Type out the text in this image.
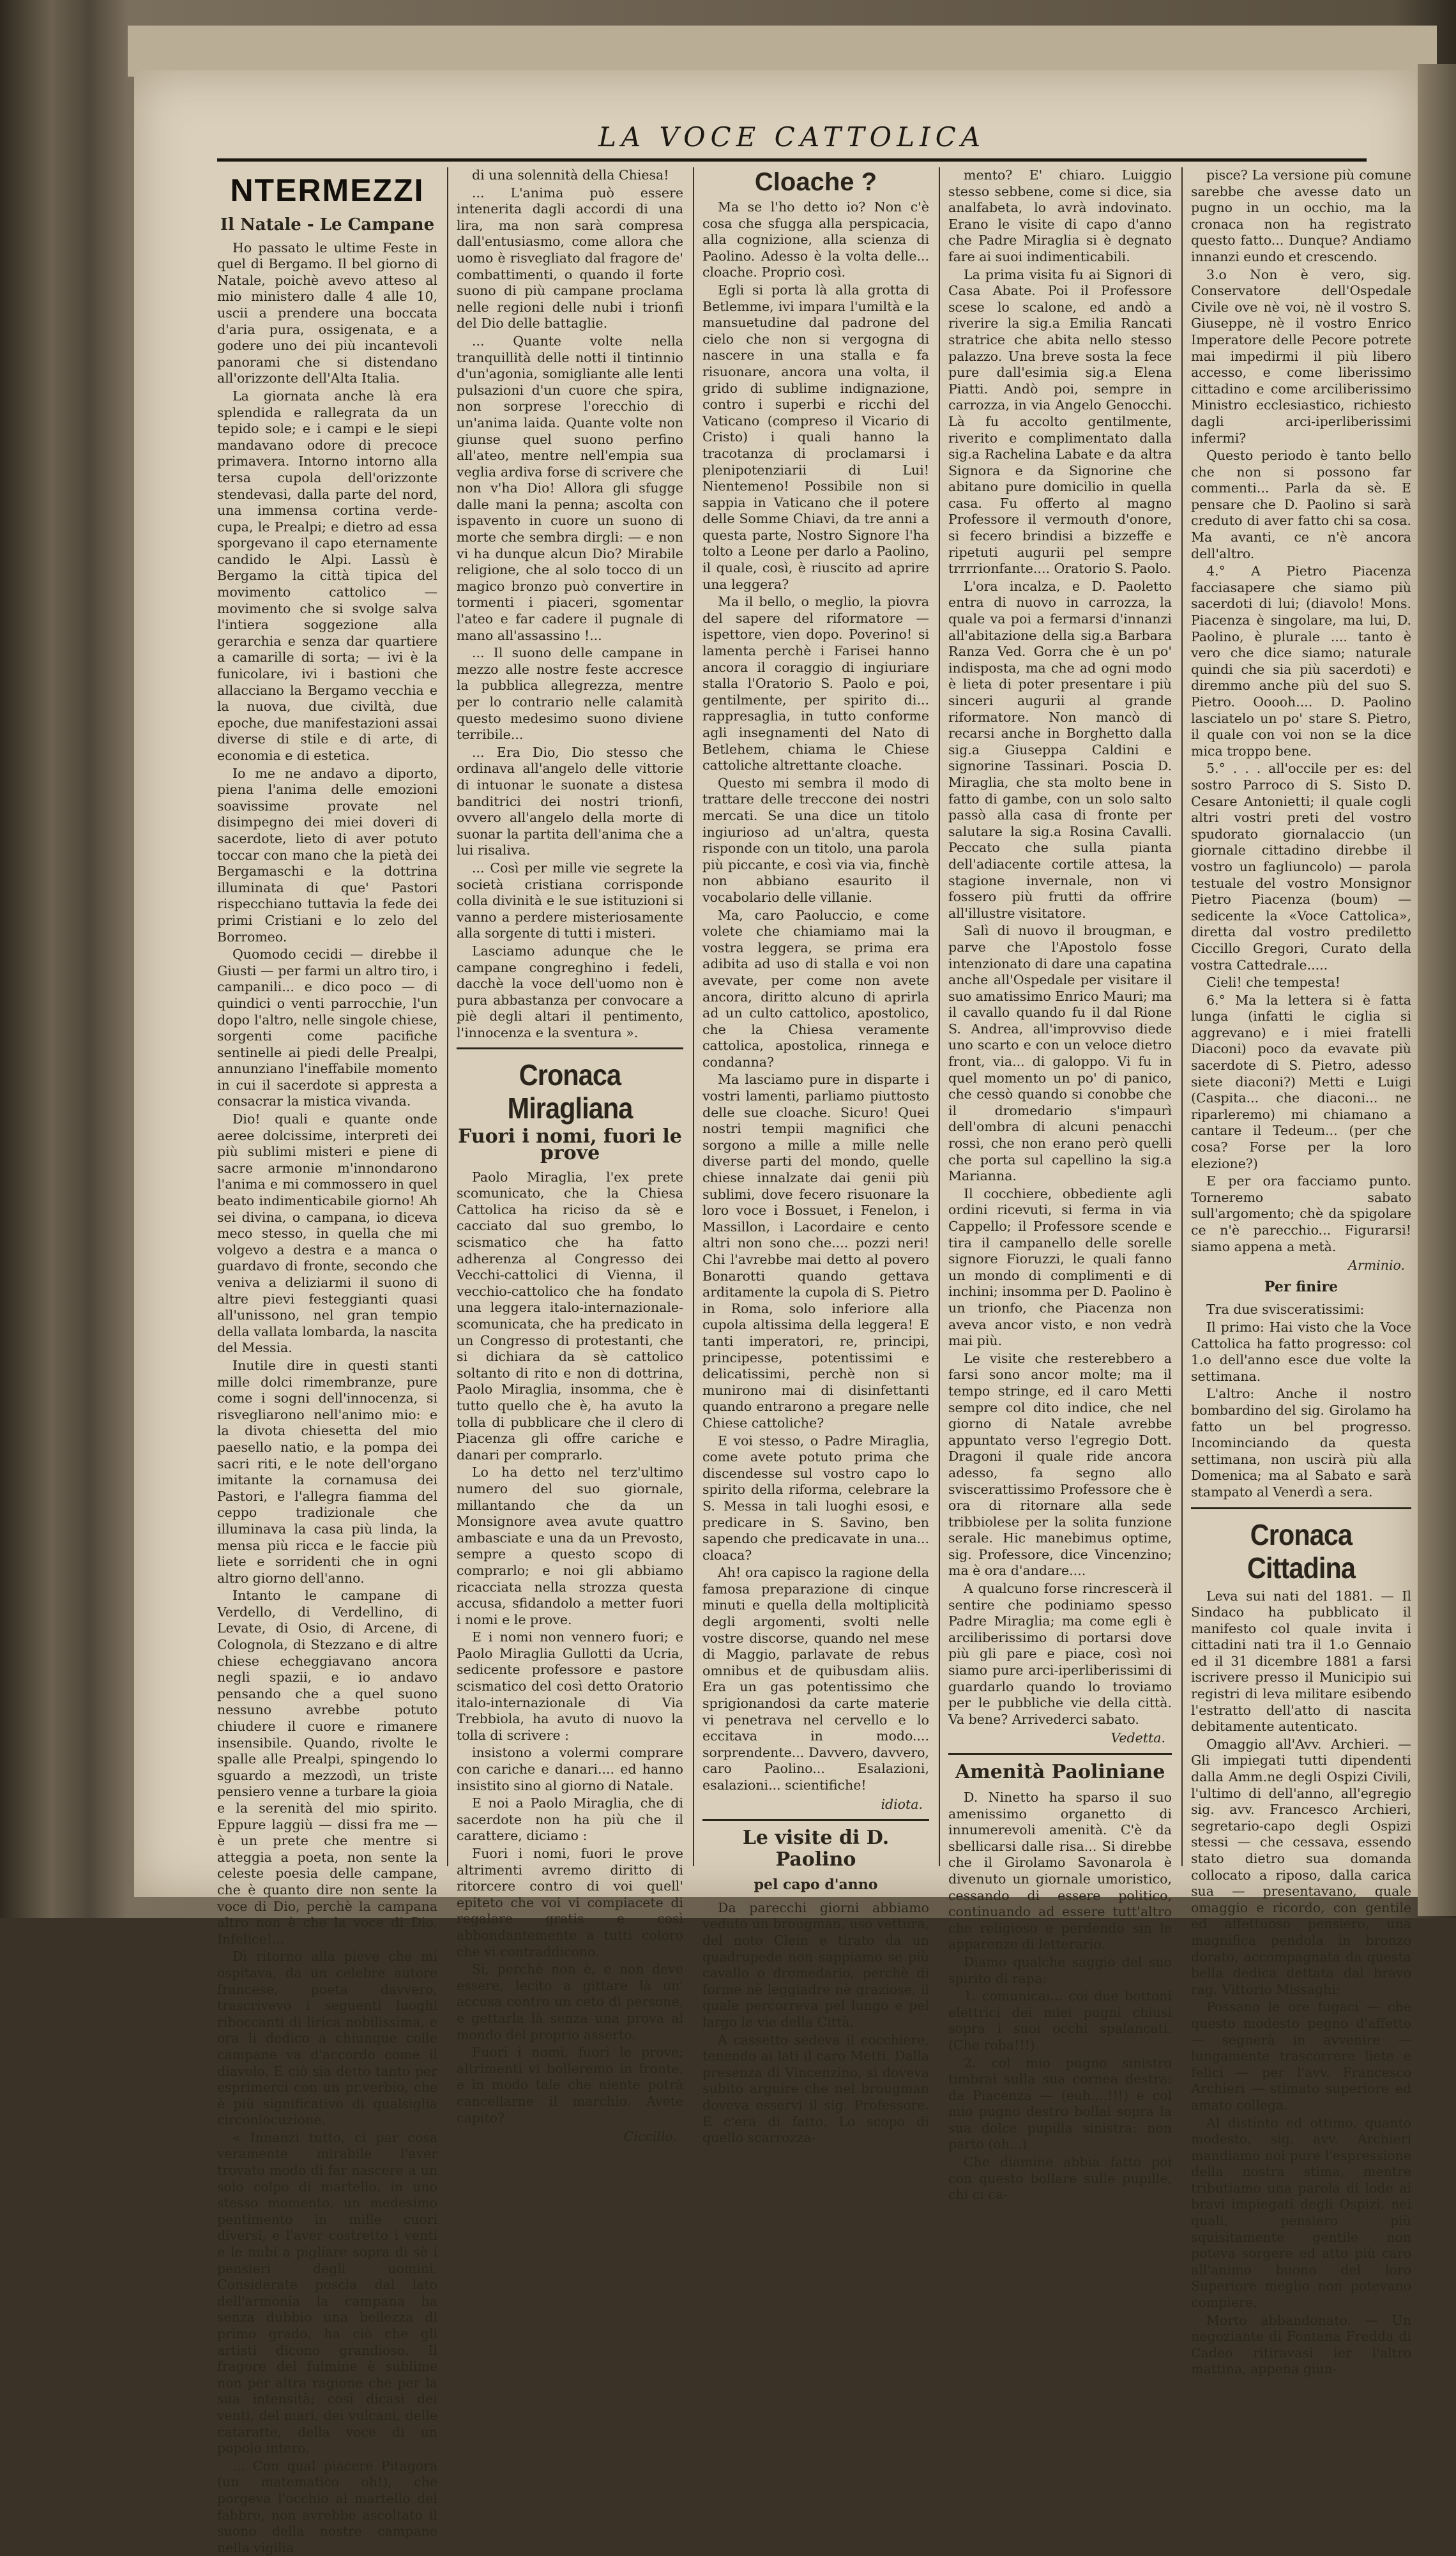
LA VOCE CATTOLICA
NTERMEZZI
Il Natale - Le Campane

Ho passato le ultime Feste in quel di Bergamo. Il bel giorno di Natale, poichè avevo atteso al mio ministero dalle 4 alle 10, uscii a prendere una boccata d'aria pura, ossigenata, e a godere uno dei più incantevoli panorami che si distendano all'orizzonte dell'Alta Italia.

La giornata anche là era splendida e rallegrata da un tepido sole; e i campi e le siepi mandavano odore di precoce primavera. Intorno intorno alla tersa cupola dell'orizzonte stendevasi, dalla parte del nord, una immensa cortina verde-cupa, le Prealpi; e dietro ad essa sporgevano il capo eternamente candido le Alpi. Lassù è Bergamo la città tipica del movimento cattolico — movimento che si svolge salva l'intiera soggezione alla gerarchia e senza dar quartiere a camarille di sorta; — ivi è la funicolare, ivi i bastioni che allacciano la Bergamo vecchia e la nuova, due civiltà, due epoche, due manifestazioni assai diverse di stile e di arte, di economia e di estetica.

Io me ne andavo a diporto, piena l'anima delle emozioni soavissime provate nel disimpegno dei miei doveri di sacerdote, lieto di aver potuto toccar con mano che la pietà dei Bergamaschi e la dottrina illuminata di que' Pastori rispecchiano tuttavia la fede dei primi Cristiani e lo zelo del Borromeo.

Quomodo cecidi — direbbe il Giusti — per farmi un altro tiro, i campanili... e dico poco — di quindici o venti parrocchie, l'un dopo l'altro, nelle singole chiese, sorgenti come pacifiche sentinelle ai piedi delle Prealpi, annunziano l'ineffabile momento in cui il sacerdote si appresta a consacrar la mistica vivanda.

Dio! quali e quante onde aeree dolcissime, interpreti dei più sublimi misteri e piene di sacre armonie m'innondarono l'anima e mi commossero in quel beato indimenticabile giorno! Ah sei divina, o campana, io diceva meco stesso, in quella che mi volgevo a destra e a manca o guardavo di fronte, secondo che veniva a deliziarmi il suono di altre pievi festeggianti quasi all'unissono, nel gran tempio della vallata lombarda, la nascita del Messia.

Inutile dire in questi stanti mille dolci rimembranze, pure come i sogni dell'innocenza, si risvegliarono nell'animo mio: e la divota chiesetta del mio paesello natio, e la pompa dei sacri riti, e le note dell'organo imitante la cornamusa dei Pastori, e l'allegra fiamma del ceppo tradizionale che illuminava la casa più linda, la mensa più ricca e le faccie più liete e sorridenti che in ogni altro giorno dell'anno.

Intanto le campane di Verdello, di Verdellino, di Levate, di Osio, di Arcene, di Colognola, di Stezzano e di altre chiese echeggiavano ancora negli spazii, e io andavo pensando che a quel suono nessuno avrebbe potuto chiudere il cuore e rimanere insensibile. Quando, rivolte le spalle alle Prealpi, spingendo lo sguardo a mezzodì, un triste pensiero venne a turbare la gioia e la serenità del mio spirito. Eppure laggiù — dissi fra me — è un prete che mentre si atteggia a poeta, non sente la celeste poesia delle campane, che è quanto dire non sente la voce di Dio, perchè la campana altro non è che la voce di Dio. Infelice!...

Di ritorno alla pieve che mi ospitava, da un celebre autore francese, poeta davvero, trascrivevo i seguenti luoghi riboccanti di lirica nobilissima, e ora li dedico a chiunque colle campane va d'accordo come il diavolo. E ciò sia detto tanto per esprimerci con un pr.verbio, che è più significativo di qualsiglia circonlocuzione.

« Innanzi tutto, ci par cosa veramente mirabile l'aver trovato modo di far nascere a un solo colpo di martello, in uno stesso momento, un medesimo pentimento in mille cuori diversi, e l'aver costretto i venti e le nubi a pigliare sopra di sè i pensieri degli uomini. Considerate poscia dal lato dell'armonia la campana ha senza dubbio una bellezza di primo grado, ha ciò che gli artisti dicono grandioso. Il fragore del fulmine è sublime non per altra ragione che per la sua intensità; così dicasi dei venti, del mari, dei vulcani, delle cataratte, della voce di un popolo intero.

... Con qual piacere Pitagora (un matematico oh!), che porgeva l'occhio al martello del fabbro, non avrebbe ascoltato il suono della nostre campane nella vigilia

di una solennità della Chiesa!

... L'anima può essere intenerita dagli accordi di una lira, ma non sarà compresa dall'entusiasmo, come allora che uomo è risvegliato dal fragore de' combattimenti, o quando il forte suono di più campane proclama nelle regioni delle nubi i trionfi del Dio delle battaglie.

... Quante volte nella tranquillità delle notti il tintinnio d'un'agonia, somigliante alle lenti pulsazioni d'un cuore che spira, non sorprese l'orecchio di un'anima laida. Quante volte non giunse quel suono perfino all'ateo, mentre nell'empia sua veglia ardiva forse di scrivere che non v'ha Dio! Allora gli sfugge dalle mani la penna; ascolta con ispavento in cuore un suono di morte che sembra dirgli: — e non vi ha dunque alcun Dio? Mirabile religione, che al solo tocco di un magico bronzo può convertire in tormenti i piaceri, sgomentar l'ateo e far cadere il pugnale di mano all'assassino !...

... Il suono delle campane in mezzo alle nostre feste accresce la pubblica allegrezza, mentre per lo contrario nelle calamità questo medesimo suono diviene terribile...

... Era Dio, Dio stesso che ordinava all'angelo delle vittorie di intuonar le suonate a distesa banditrici dei nostri trionfi, ovvero all'angelo della morte di suonar la partita dell'anima che a lui risaliva.

... Così per mille vie segrete la società cristiana corrisponde colla divinità e le sue istituzioni si vanno a perdere misteriosamente alla sorgente di tutti i misteri.

Lasciamo adunque che le campane congreghino i fedeli, dacchè la voce dell'uomo non è pura abbastanza per convocare a piè degli altari il pentimento, l'innocenza e la sventura ».

Cronaca Miragliana
Fuori i nomi, fuori le prove

Paolo Miraglia, l'ex prete scomunicato, che la Chiesa Cattolica ha riciso da sè e cacciato dal suo grembo, lo scismatico che ha fatto adherenza al Congresso dei Vecchi-cattolici di Vienna, il vecchio-cattolico che ha fondato una leggera italo-internazionale-scomunicata, che ha predicato in un Congresso di protestanti, che si dichiara da sè cattolico soltanto di rito e non di dottrina, Paolo Miraglia, insomma, che è tutto quello che è, ha avuto la tolla di pubblicare che il clero di Piacenza gli offre cariche e danari per comprarlo.

Lo ha detto nel terz'ultimo numero del suo giornale, millantando che da un Monsignore avea avute quattro ambasciate e una da un Prevosto, sempre a questo scopo di comprarlo; e noi gli abbiamo ricacciata nella strozza questa accusa, sfidandolo a metter fuori i nomi e le prove.

E i nomi non vennero fuori; e Paolo Miraglia Gullotti da Ucria, sedicente professore e pastore scismatico del così detto Oratorio italo-internazionale di Via Trebbiola, ha avuto di nuovo la tolla di scrivere :

insistono a volermi comprare con cariche e danari.... ed hanno insistito sino al giorno di Natale.

E noi a Paolo Miraglia, che di sacerdote non ha più che il carattere, diciamo :

Fuori i nomi, fuori le prove altrimenti avremo diritto di ritorcere contro di voi quell' epiteto che voi vi compiacete di regalare gratis e così abbondantemente a tutti coloro che vi contraddicono.

Sì, perchè non è, e non deve essere, lecito a gittare là un' accusa contro un ceto di persone, e gettarla là senza una prova al mondo del proprio asserto.

Fuori i nomi, fuori le prove; altrimenti vi bolleremo in fronte, e in modo tale che niente potrà cancellarne il marchio. Avete capito?

Ciccillo.
Cloache ?

Ma se l'ho detto io? Non c'è cosa che sfugga alla perspicacia, alla cognizione, alla scienza di Paolino. Adesso è la volta delle... cloache. Proprio così.

Egli si porta là alla grotta di Betlemme, ivi impara l'umiltà e la mansuetudine dal padrone del cielo che non si vergogna di nascere in una stalla e fa risuonare, ancora una volta, il grido di sublime indignazione, contro i superbi e ricchi del Vaticano (compreso il Vicario di Cristo) i quali hanno la tracotanza di proclamarsi i plenipotenziarii di Lui! Nientemeno! Possibile non si sappia in Vaticano che il potere delle Somme Chiavi, da tre anni a questa parte, Nostro Signore l'ha tolto a Leone per darlo a Paolino, il quale, così, è riuscito ad aprire una leggera?

Ma il bello, o meglio, la piovra del sapere del riformatore — ispettore, vien dopo. Poverino! si lamenta perchè i Farisei hanno ancora il coraggio di ingiuriare stalla l'Oratorio S. Paolo e poi, gentilmente, per spirito di... rappresaglia, in tutto conforme agli insegnamenti del Nato di Betlehem, chiama le Chiese cattoliche altrettante cloache.

Questo mi sembra il modo di trattare delle treccone dei nostri mercati. Se una dice un titolo ingiurioso ad un'altra, questa risponde con un titolo, una parola più piccante, e così via via, finchè non abbiano esaurito il vocabolario delle villanie.

Ma, caro Paoluccio, e come volete che chiamiamo mai la vostra leggera, se prima era adibita ad uso di stalla e voi non avevate, per come non avete ancora, diritto alcuno di aprirla ad un culto cattolico, apostolico, che la Chiesa veramente cattolica, apostolica, rinnega e condanna?

Ma lasciamo pure in disparte i vostri lamenti, parliamo piuttosto delle sue cloache. Sicuro! Quei nostri tempii magnifici che sorgono a mille a mille nelle diverse parti del mondo, quelle chiese innalzate dai genii più sublimi, dove fecero risuonare la loro voce i Bossuet, i Fenelon, i Massillon, i Lacordaire e cento altri non sono che.... pozzi neri! Chi l'avrebbe mai detto al povero Bonarotti quando gettava arditamente la cupola di S. Pietro in Roma, solo inferiore alla cupola altissima della leggera! E tanti imperatori, re, principi, principesse, potentissimi e delicatissimi, perchè non si munirono mai di disinfettanti quando entrarono a pregare nelle Chiese cattoliche?

E voi stesso, o Padre Miraglia, come avete potuto prima che discendesse sul vostro capo lo spirito della riforma, celebrare la S. Messa in tali luoghi esosi, e predicare in S. Savino, ben sapendo che predicavate in una... cloaca?

Ah! ora capisco la ragione della famosa preparazione di cinque minuti e quella della moltiplicità degli argomenti, svolti nelle vostre discorse, quando nel mese di Maggio, parlavate de rebus omnibus et de quibusdam aliis. Era un gas potentissimo che sprigionandosi da carte materie vi penetrava nel cervello e lo eccitava in modo.... sorprendente... Davvero, davvero, caro Paolino... Esalazioni, esalazioni... scientifiche!

idiota.
Le visite di D. Paolino
pel capo d'anno

Da parecchi giorni abbiamo veduto un brougman, uso vettura, del noto Clein e tirato da un quadrupede non sappiamo se più cavallo o dromedario, perchè di forme nè leggiadre nè graziose, il quale percorreva pel lungo e pel largo le vie della Città.

A cassetto sedeva il cocchiere, tenendo ai lati il caro Metti. Dalla presenza di Vincenzino, si doveva subito arguire che nel brougman doveva esservi il sig. Professore. E c'era di fatto. Lo scopo di quello scarrozza-

mento? E' chiaro. Luiggio stesso sebbene, come si dice, sia analfabeta, lo avrà indovinato. Erano le visite di capo d'anno che Padre Miraglia si è degnato fare ai suoi indimenticabili.

La prima visita fu ai Signori di Casa Abate. Poi il Professore scese lo scalone, ed andò a riverire la sig.a Emilia Rancati stratrice che abita nello stesso palazzo. Una breve sosta la fece pure dall'esimia sig.a Elena Piatti. Andò poi, sempre in carrozza, in via Angelo Genocchi. Là fu accolto gentilmente, riverito e complimentato dalla sig.a Rachelina Labate e da altra Signora e da Signorine che abitano pure domicilio in quella casa. Fu offerto al magno Professore il vermouth d'onore, si fecero brindisi a bizzeffe e ripetuti augurii pel sempre trrrrionfante.... Oratorio S. Paolo.

L'ora incalza, e D. Paoletto entra di nuovo in carrozza, la quale va poi a fermarsi d'innanzi all'abitazione della sig.a Barbara Ranza Ved. Gorra che è un po' indisposta, ma che ad ogni modo è lieta di poter presentare i più sinceri augurii al grande riformatore. Non mancò di recarsi anche in Borghetto dalla sig.a Giuseppa Caldini e signorine Tassinari. Poscia D. Miraglia, che sta molto bene in fatto di gambe, con un solo salto passò alla casa di fronte per salutare la sig.a Rosina Cavalli. Peccato che sulla pianta dell'adiacente cortile attesa, la stagione invernale, non vi fossero più frutti da offrire all'illustre visitatore.

Salì di nuovo il brougman, e parve che l'Apostolo fosse intenzionato di dare una capatina anche all'Ospedale per visitare il suo amatissimo Enrico Mauri; ma il cavallo quando fu il dal Rione S. Andrea, all'improvviso diede uno scarto e con un veloce dietro front, via... di galoppo. Vi fu in quel momento un po' di panico, che cessò quando si conobbe che il dromedario s'impaurì dell'ombra di alcuni penacchi rossi, che non erano però quelli che porta sul capellino la sig.a Marianna.

Il cocchiere, obbediente agli ordini ricevuti, si ferma in via Cappello; il Professore scende e tira il campanello delle sorelle signore Fioruzzi, le quali fanno un mondo di complimenti e di inchini; insomma per D. Paolino è un trionfo, che Piacenza non aveva ancor visto, e non vedrà mai più.

Le visite che resterebbero a farsi sono ancor molte; ma il tempo stringe, ed il caro Metti sempre col dito indice, che nel giorno di Natale avrebbe appuntato verso l'egregio Dott. Dragoni il quale ride ancora adesso, fa segno allo sviscerattissimo Professore che è ora di ritornare alla sede tribbiolese per la solita funzione serale. Hic manebimus optime, sig. Professore, dice Vincenzino; ma è ora d'andare....

A qualcuno forse rincrescerà il sentire che podiniamo spesso Padre Miraglia; ma come egli è arciliberissimo di portarsi dove più gli pare e piace, così noi siamo pure arci-iperliberissimi di guardarlo quando lo troviamo per le pubbliche vie della città. Va bene? Arrivederci sabato.

Vedetta.
Amenità Paoliniane

D. Ninetto ha sparso il suo amenissimo organetto di innumerevoli amenità. C'è da sbellicarsi dalle risa... Si direbbe che il Girolamo Savonarola è divenuto un giornale umoristico, cessando di essere politico, continuando ad essere tutt'altro che religioso e perdendo sin le apparenze di letterario.

Diamo qualche saggio del suo spirito di rapa:

1. comunicai... coi due bottoni elettrici dei miei pugni chiusi sopra i suoi occhi spalancati. (Che roba!!!)

2. col mio pugno sinistro timbrai sulla sua cornea destra: da Piacenza — (euh....!!!) e col mio pugno destro bollai sopra la sua dolce pupilla sinistra: non parto (oh...)

Che diamine abbia fatto poi con questo bollare sulle pupille, chi ci ca-

pisce? La versione più comune sarebbe che avesse dato un pugno in un occhio, ma la cronaca non ha registrato questo fatto... Dunque? Andiamo innanzi eundo et crescendo.

3.o Non è vero, sig. Conservatore dell'Ospedale Civile ove nè voi, nè il vostro S. Giuseppe, nè il vostro Enrico Imperatore delle Pecore potrete mai impedirmi il più libero accesso, e come liberissimo cittadino e come arciliberissimo Ministro ecclesiastico, richiesto dagli arci-iperliberissimi infermi?

Questo periodo è tanto bello che non si possono far commenti... Parla da sè. E pensare che D. Paolino si sarà creduto di aver fatto chi sa cosa. Ma avanti, ce n'è ancora dell'altro.

4.° A Pietro Piacenza facciasapere che siamo più sacerdoti di lui; (diavolo! Mons. Piacenza è singolare, ma lui, D. Paolino, è plurale .... tanto è vero che dice siamo; naturale quindi che sia più sacerdoti) e diremmo anche più del suo S. Pietro. Ooooh.... D. Paolino lasciatelo un po' stare S. Pietro, il quale con voi non se la dice mica troppo bene.

5.° . . . all'occile per es: del sostro Parroco di S. Sisto D. Cesare Antonietti; il quale cogli altri vostri preti del vostro spudorato giornalaccio (un giornale cittadino direbbe il vostro un fagliuncolo) — parola testuale del vostro Monsignor Pietro Piacenza (boum) — sedicente la «Voce Cattolica», diretta dal vostro prediletto Ciccillo Gregori, Curato della vostra Cattedrale.....

Cieli! che tempesta!

6.° Ma la lettera si è fatta lunga (infatti le ciglia si aggrevano) e i miei fratelli Diaconi) poco da evavate più sacerdote di S. Pietro, adesso siete diaconi?) Metti e Luigi (Caspita... che diaconi... ne riparleremo) mi chiamano a cantare il Tedeum... (per che cosa? Forse per la loro elezione?)

E per ora facciamo punto. Torneremo sabato sull'argomento; chè da spigolare ce n'è parecchio... Figurarsi! siamo appena a metà.

Arminio.
Per finire

Tra due svisceratissimi:

Il primo: Hai visto che la Voce Cattolica ha fatto progresso: col 1.o dell'anno esce due volte la settimana.

L'altro: Anche il nostro bombardino del sig. Girolamo ha fatto un bel progresso. Incominciando da questa settimana, non uscirà più alla Domenica; ma al Sabato e sarà stampato al Venerdì a sera.

Cronaca Cittadina

Leva sui nati del 1881. — Il Sindaco ha pubblicato il manifesto col quale invita i cittadini nati tra il 1.o Gennaio ed il 31 dicembre 1881 a farsi iscrivere presso il Municipio sui registri di leva militare esibendo l'estratto dell'atto di nascita debitamente autenticato.

Omaggio all'Avv. Archieri. — Gli impiegati tutti dipendenti dalla Amm.ne degli Ospizi Civili, l'ultimo di dell'anno, all'egregio sig. avv. Francesco Archieri, segretario-capo degli Ospizi stessi — che cessava, essendo stato dietro sua domanda collocato a riposo, dalla carica sua — presentavano, quale omaggio e ricordo, con gentile ed affettuoso pensiero, una magnifica pendola in bronzo dorato, accompagnata da questa bella dedica dettata dal bravo rag. Vittorio Missaghi:

Possano le ore fugaci — che questo modesto pegno d'affetto — segnerà in avvenire — lungamente trascorrere liete e felici — per l'avv. Francesco Archieri — stimato superiore ed amato collega.

Al distinto ed ottimo, quanto modesto, sig. avv. Archieri mandiamo noi pure l'espressione della nostra stima, mentre tributiamo una parola di lode ai bravi impiegati degli Ospizi, nei quali, pensiero più squisitamente gentile non poteva sorgere ed atto più caro all'animo buono del loro Superiore meglio non potevano compiere.

Morto abbandonato. — Un negoziante di Fontana Fredda di Cadeo ritiravasi ier l'altro mattina, appena giun-
